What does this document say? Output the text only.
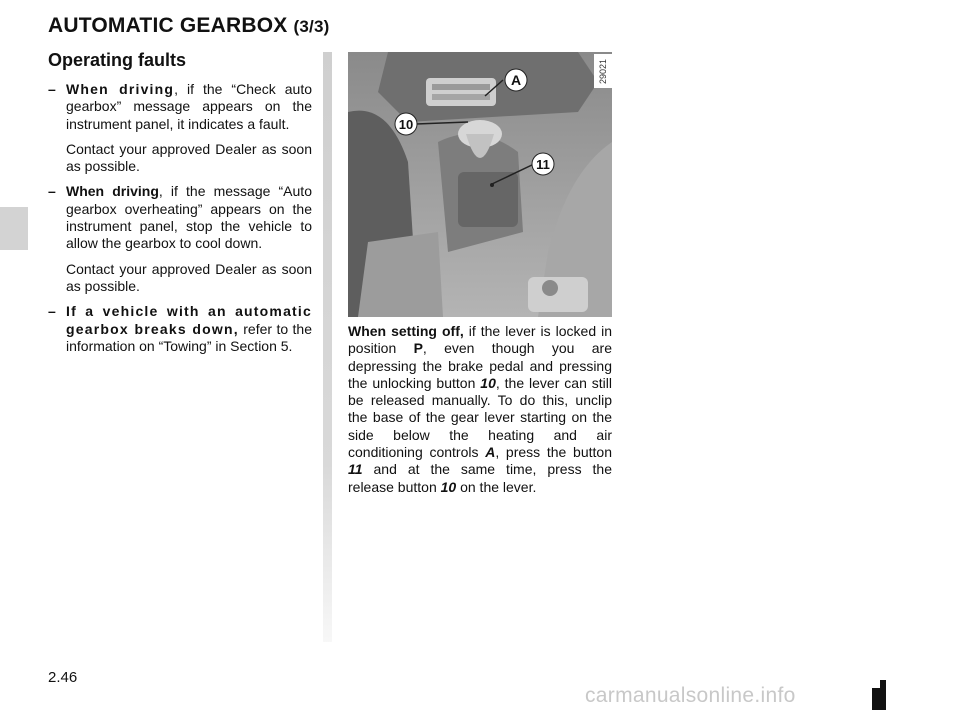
AUTOMATIC GEARBOX (3/3)
Operating faults
– When driving, if the “Check auto gearbox” message appears on the instrument panel, it indicates a fault.

Contact your approved Dealer as soon as possible.

– When driving, if the message “Auto gearbox overheating” appears on the instrument panel, stop the vehicle to allow the gearbox to cool down.

Contact your approved Dealer as soon as possible.

– If a vehicle with an automatic gearbox breaks down, refer to the information on “Towing” in Section 5.

A
10
11
29021

When setting off, if the lever is locked in position P, even though you are depressing the brake pedal and pressing the unlocking button 10, the lever can still be released manually. To do this, unclip the base of the gear lever starting on the side below the heating and air conditioning controls A, press the button 11 and at the same time, press the release button 10 on the lever.

2.46
carmanualsonline.info
